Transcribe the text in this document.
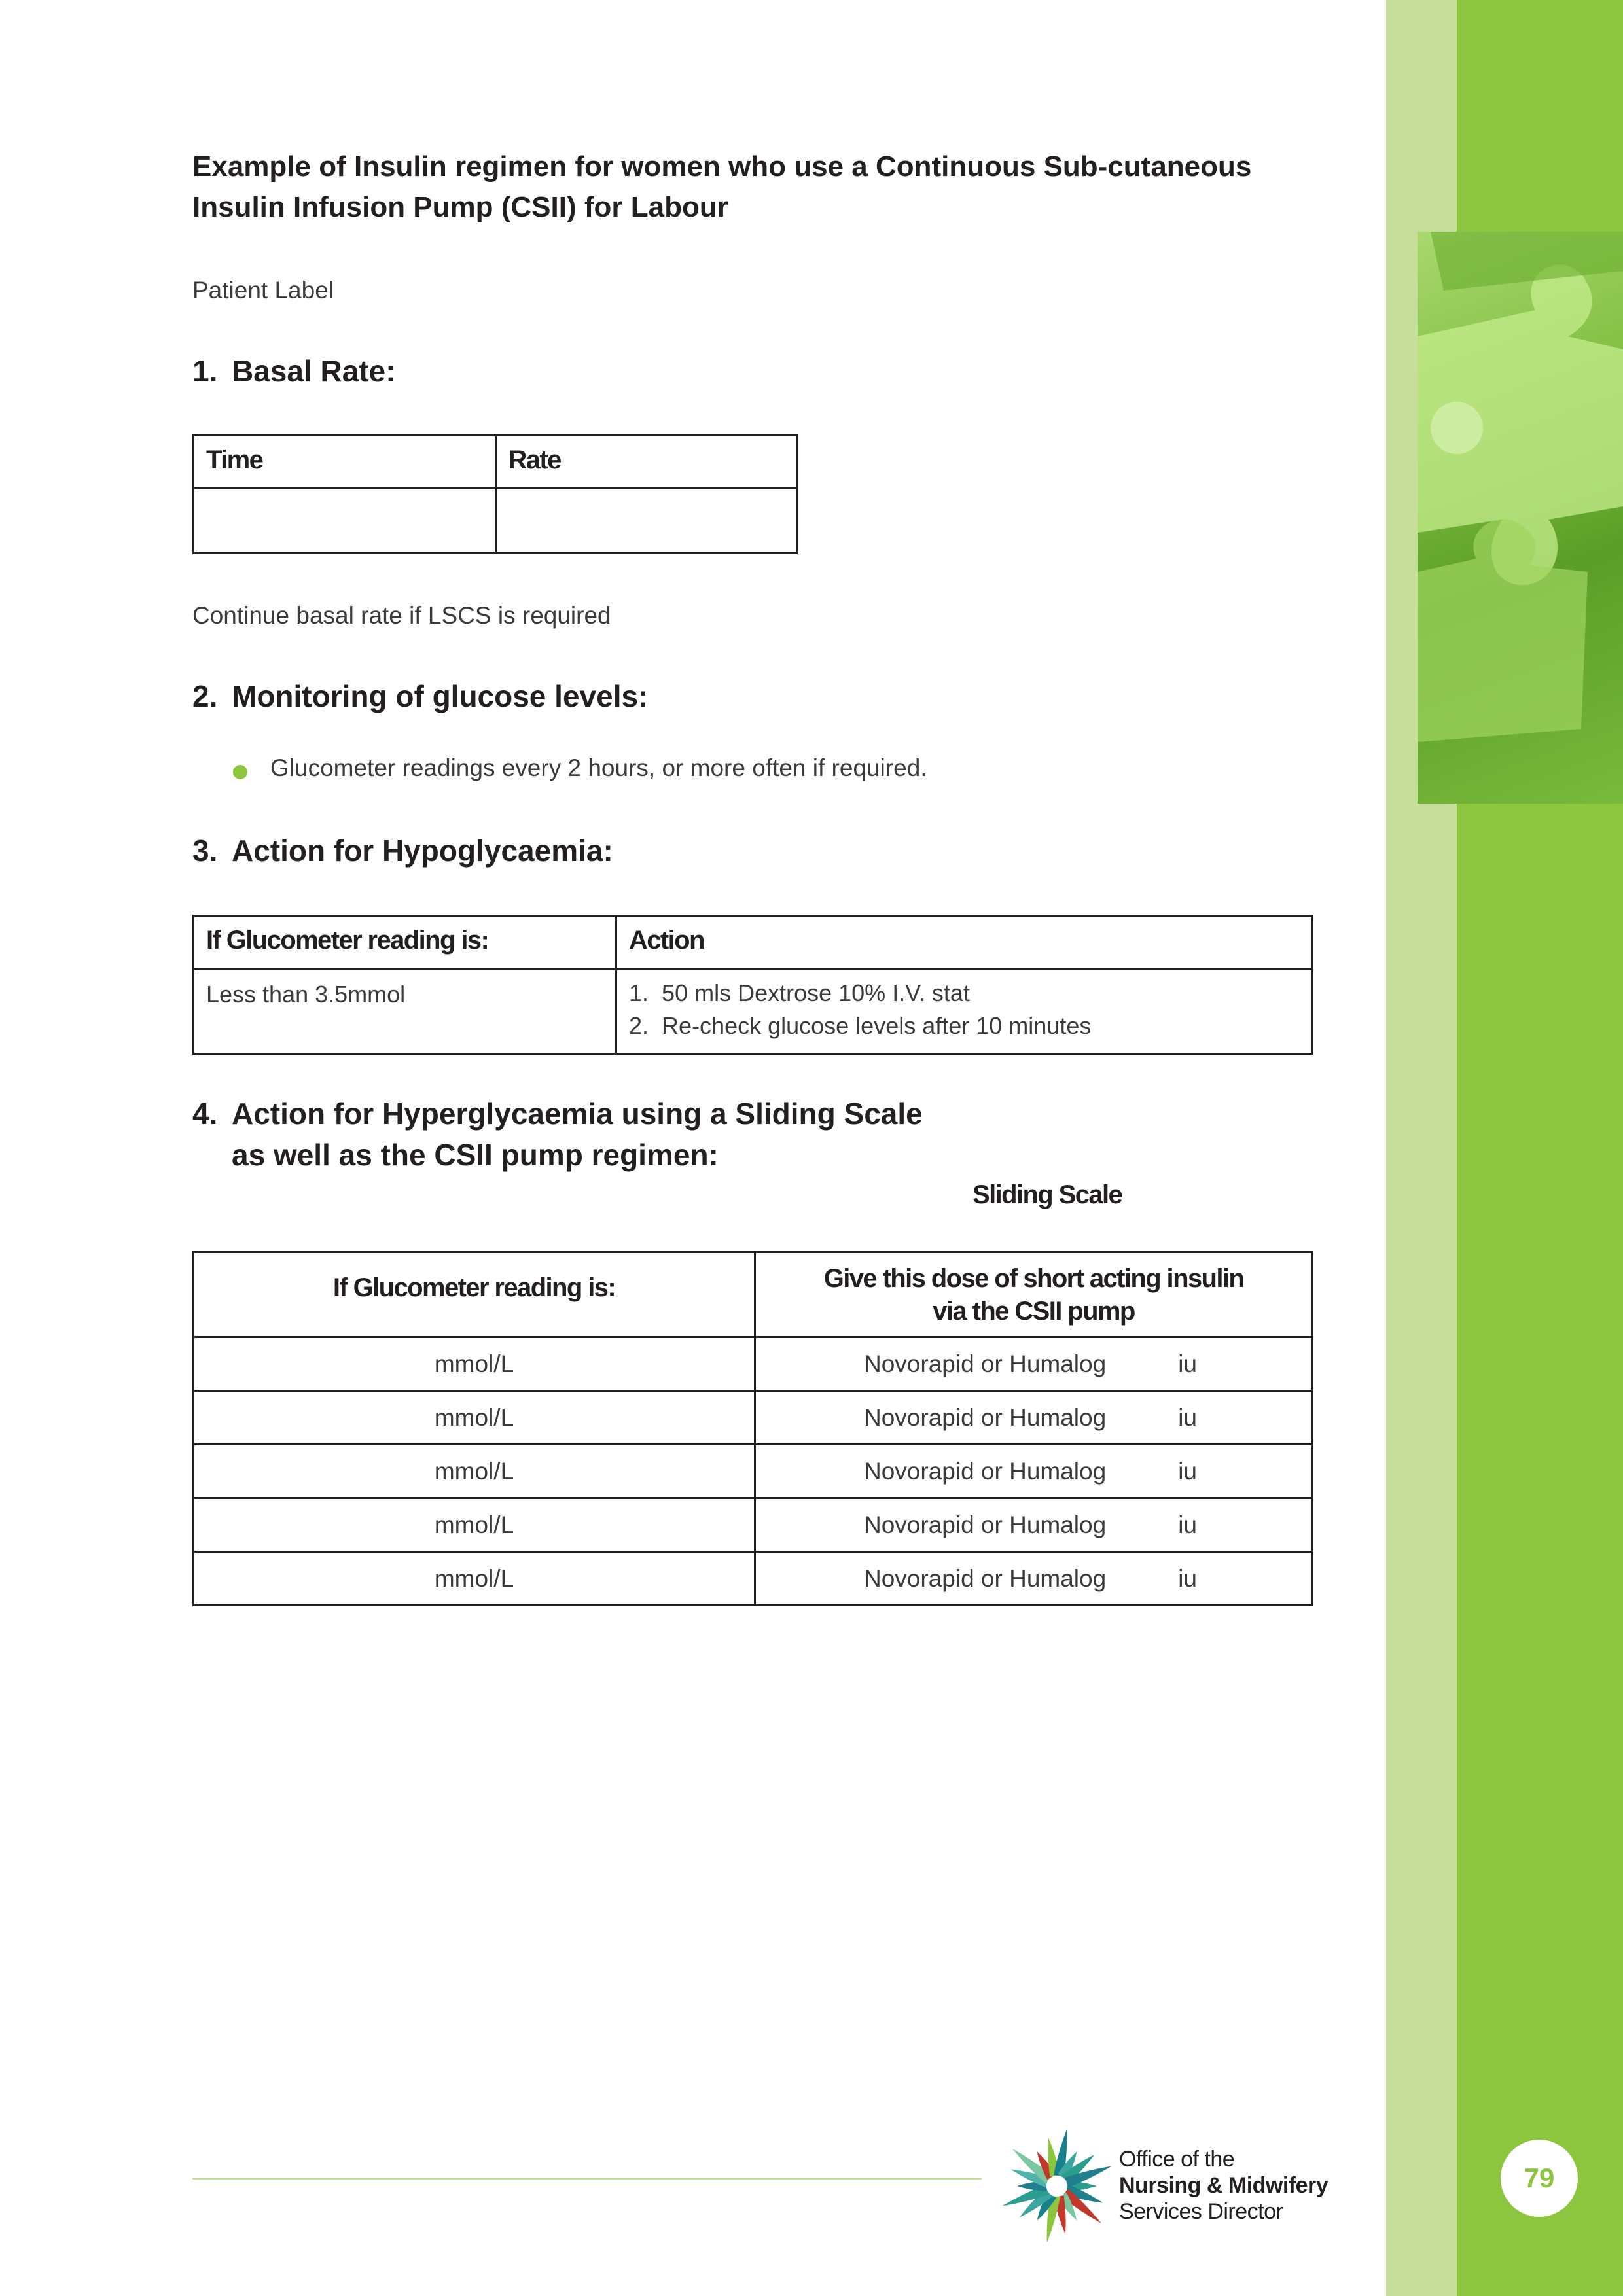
Example of Insulin regimen for women who use a Continuous Sub-cutaneous
Insulin Infusion Pump (CSII) for Labour
Patient Label
1. Basal Rate:
Time	Rate

Continue basal rate if LSCS is required
2. Monitoring of glucose levels:
Glucometer readings every 2 hours, or more often if required.
3. Action for Hypoglycaemia:
If Glucometer reading is:	Action

Less than 3.5mmol	1. 50 mls Dextrose 10% I.V. stat
2. Re-check glucose levels after 10 minutes
4. Action for Hyperglycaemia using a Sliding Scale
as well as the CSII pump regimen:
Sliding Scale
If Glucometer reading is:	Give this dose of short acting insulin
via the CSII pump

mmol/L	Novorapid or Humalog iu
mmol/L	Novorapid or Humalog iu
mmol/L	Novorapid or Humalog iu
mmol/L	Novorapid or Humalog iu
mmol/L	Novorapid or Humalog iu
Office of the
Nursing & Midwifery
Services Director
79
